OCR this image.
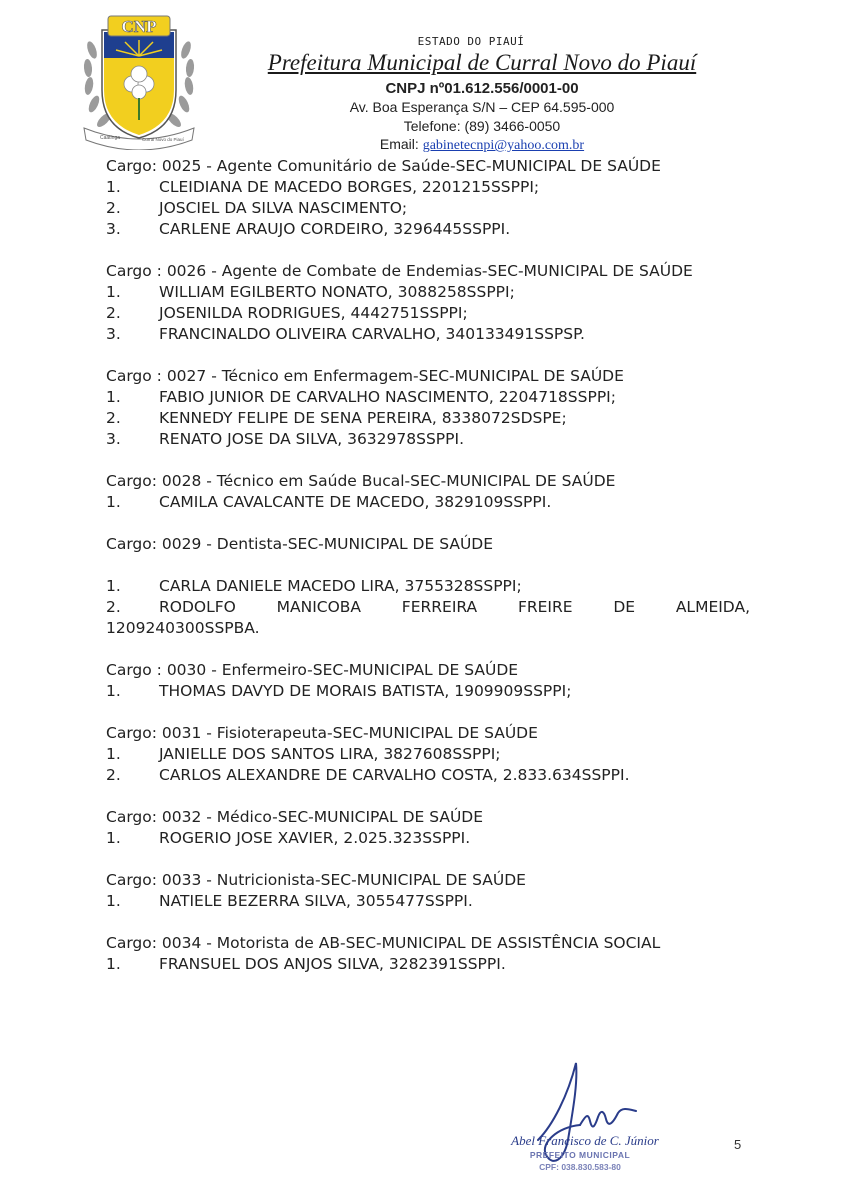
CNP
Caatinga	Curral Novo do Piauí
ESTADO DO PIAUÍ
Prefeitura Municipal de Curral Novo do Piauí
CNPJ nº01.612.556/0001-00
Av. Boa Esperança S/N – CEP 64.595-000
Telefone: (89) 3466-0050
Email: gabinetecnpi@yahoo.com.br
Cargo: 0025 - Agente Comunitário de Saúde-SEC-MUNICIPAL DE SAÚDE
1.	CLEIDIANA DE MACEDO BORGES, 2201215SSPPI;
2.	JOSCIEL DA SILVA NASCIMENTO;
3.	CARLENE ARAUJO CORDEIRO, 3296445SSPPI.
Cargo : 0026 - Agente de Combate de Endemias-SEC-MUNICIPAL DE SAÚDE
1.	WILLIAM EGILBERTO NONATO, 3088258SSPPI;
2.	JOSENILDA RODRIGUES, 4442751SSPPI;
3.	FRANCINALDO OLIVEIRA CARVALHO, 340133491SSPSP.
Cargo : 0027 - Técnico em Enfermagem-SEC-MUNICIPAL DE SAÚDE
1.	FABIO JUNIOR DE CARVALHO NASCIMENTO, 2204718SSPPI;
2.	KENNEDY FELIPE DE SENA PEREIRA, 8338072SDSPE;
3.	RENATO JOSE DA SILVA, 3632978SSPPI.
Cargo: 0028 - Técnico em Saúde Bucal-SEC-MUNICIPAL DE SAÚDE
1.	CAMILA CAVALCANTE DE MACEDO, 3829109SSPPI.
Cargo: 0029 - Dentista-SEC-MUNICIPAL DE SAÚDE
1.	CARLA DANIELE MACEDO LIRA, 3755328SSPPI;
2.	RODOLFO MANICOBA FERREIRA FREIRE DE ALMEIDA,
1209240300SSPBA.
Cargo : 0030 - Enfermeiro-SEC-MUNICIPAL DE SAÚDE
1.	THOMAS DAVYD DE MORAIS BATISTA, 1909909SSPPI;
Cargo: 0031 - Fisioterapeuta-SEC-MUNICIPAL DE SAÚDE
1.	JANIELLE DOS SANTOS LIRA, 3827608SSPPI;
2.	CARLOS ALEXANDRE DE CARVALHO COSTA, 2.833.634SSPPI.
Cargo: 0032 - Médico-SEC-MUNICIPAL DE SAÚDE
1.	ROGERIO JOSE XAVIER, 2.025.323SSPPI.
Cargo: 0033 - Nutricionista-SEC-MUNICIPAL DE SAÚDE
1.	NATIELE BEZERRA SILVA, 3055477SSPPI.
Cargo: 0034 - Motorista de AB-SEC-MUNICIPAL DE ASSISTÊNCIA SOCIAL
1.	FRANSUEL DOS ANJOS SILVA, 3282391SSPPI.
Abel Francisco de C. Júnior
PREFEITO MUNICIPAL
CPF: 038.830.583-80
5
